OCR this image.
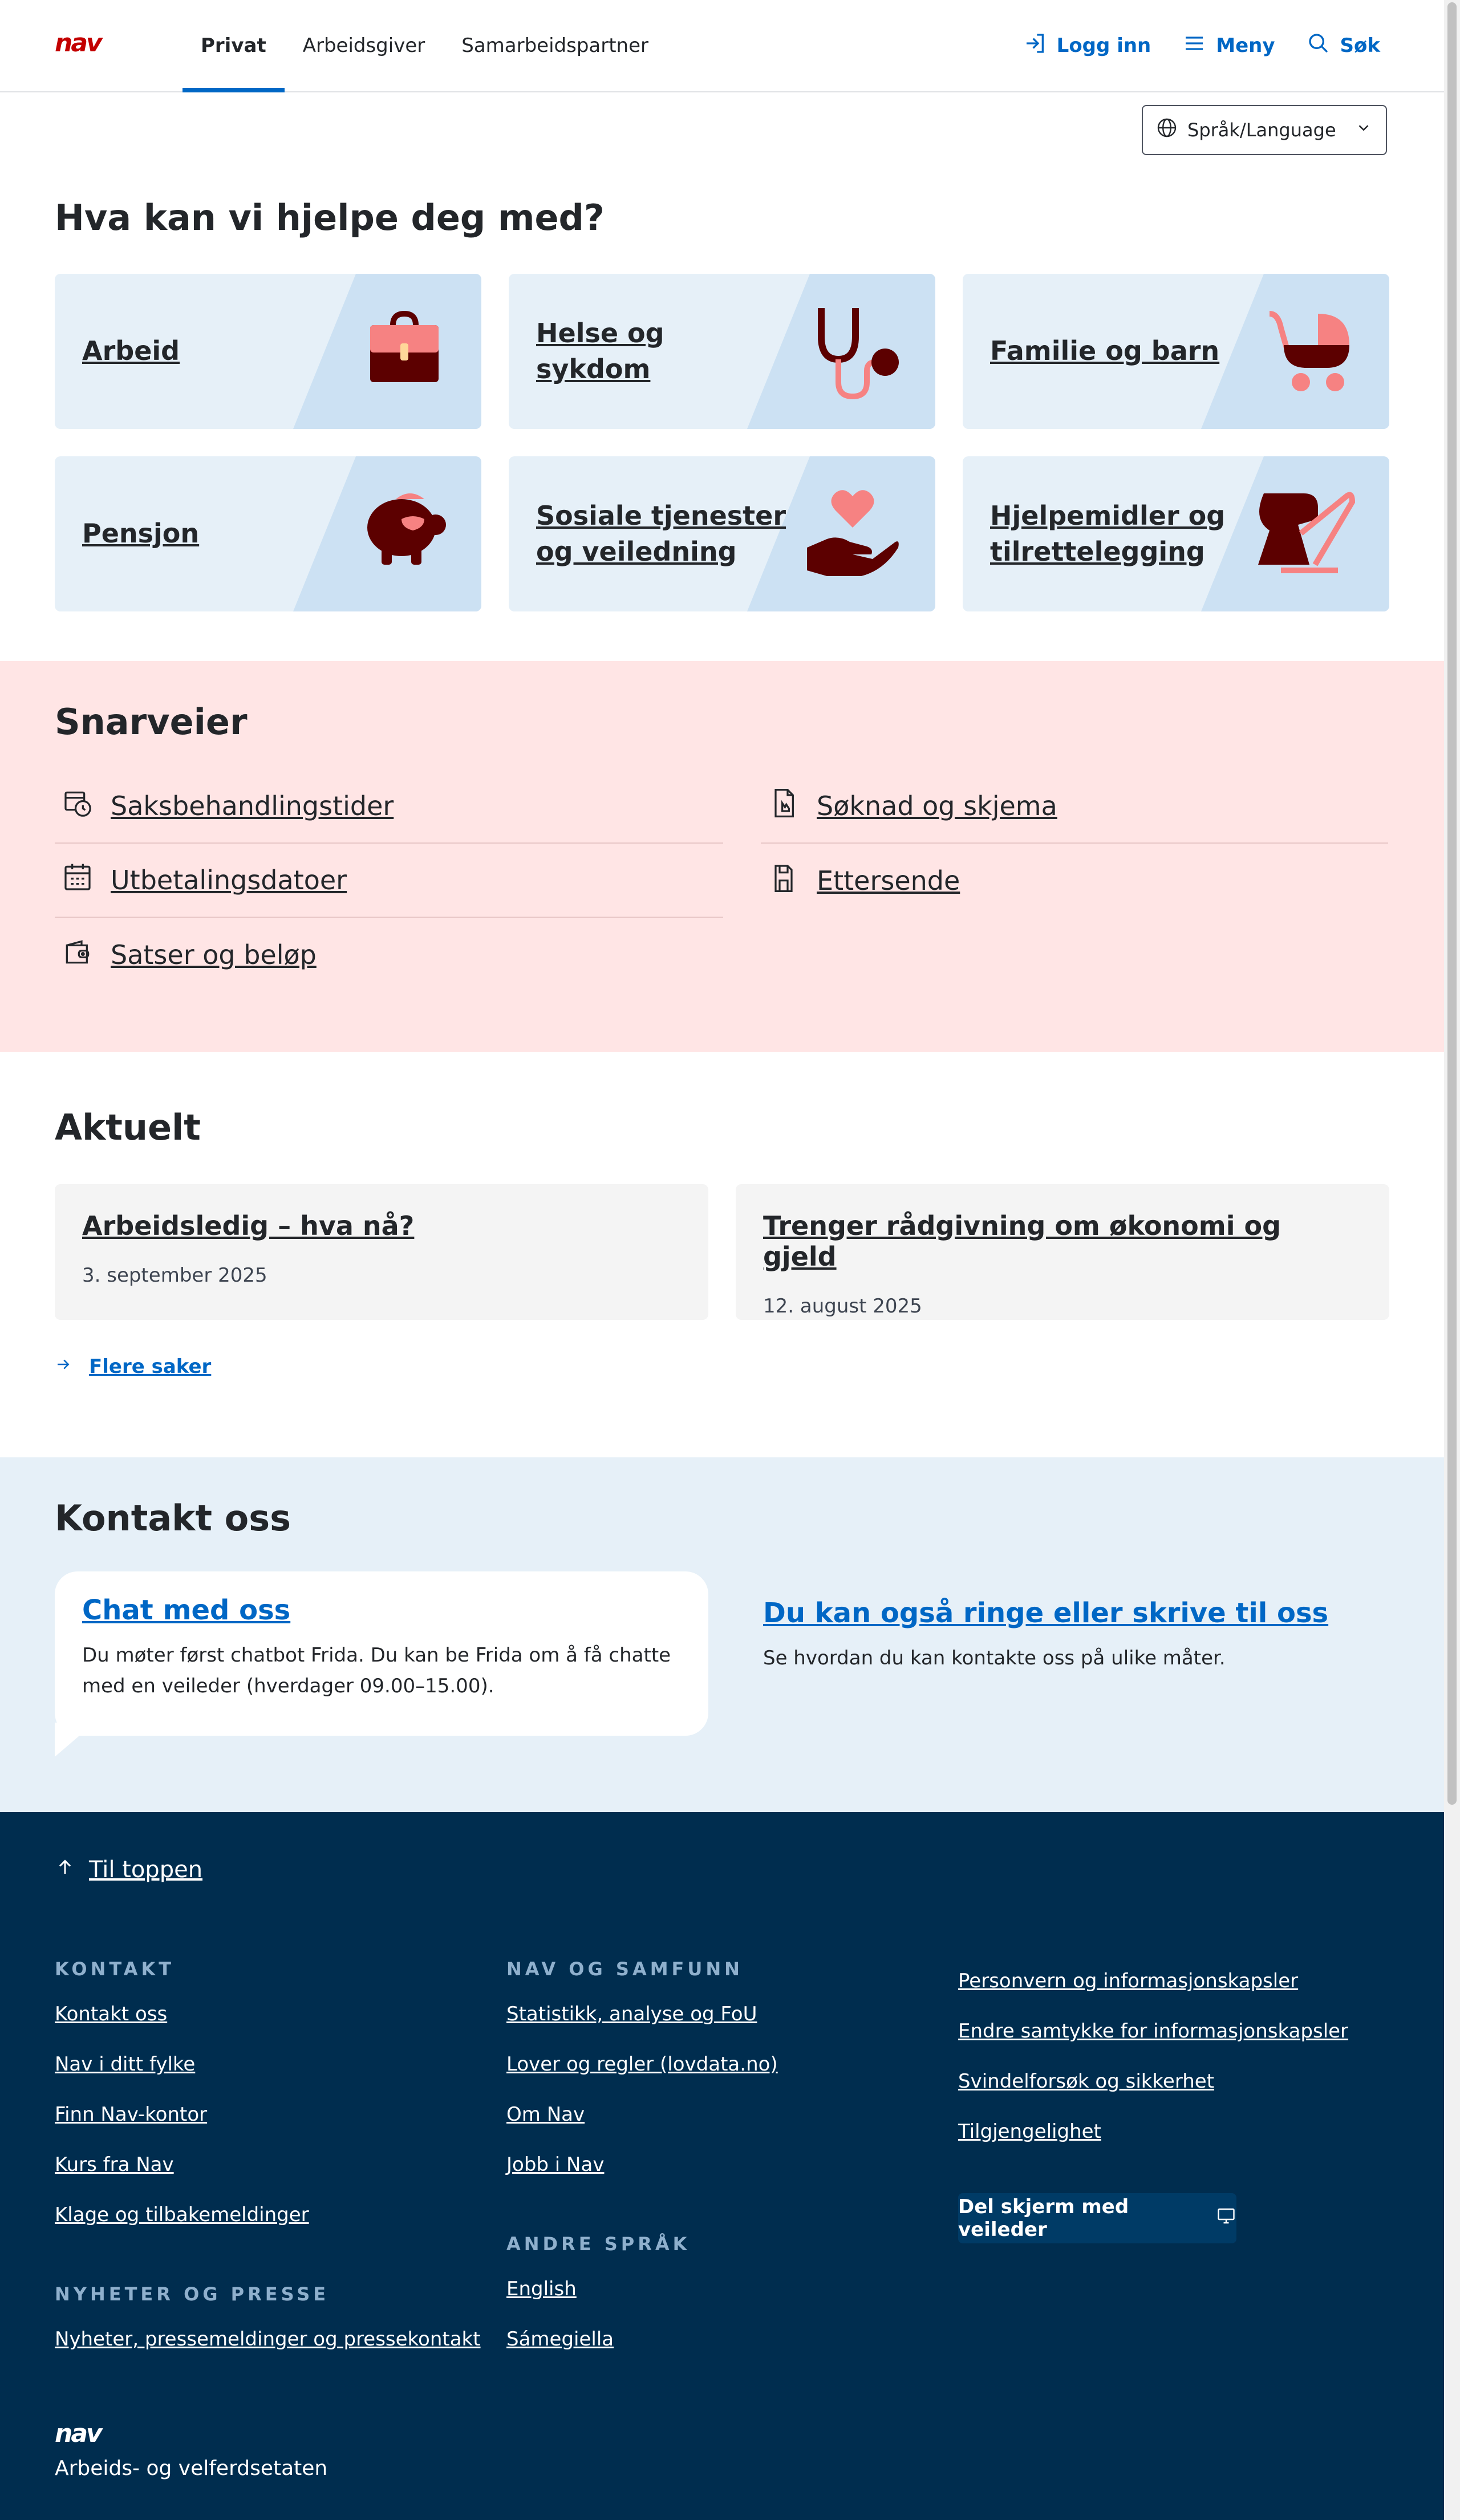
nav	Privat	Arbeidsgiver	Samarbeidspartner	Logg inn	Meny	Søk
Språk/Language
Hva kan vi hjelpe deg med?
Arbeid
Helse og sykdom
Familie og barn
Pensjon
Sosiale tjenester og veiledning
Hjelpemidler og tilrettelegging
Snarveier
Saksbehandlingstider
Utbetalingsdatoer
Satser og beløp
Søknad og skjema
Ettersende
Aktuelt
Arbeidsledig – hva nå?
3. september 2025
Trenger rådgivning om økonomi og gjeld
12. august 2025
Flere saker
Kontakt oss
Chat med oss
Du møter først chatbot Frida. Du kan be Frida om å få chatte med en veileder (hverdager 09.00–15.00).
Du kan også ringe eller skrive til oss
Se hvordan du kan kontakte oss på ulike måter.
Til toppen
KONTAKT
Kontakt oss
Nav i ditt fylke
Finn Nav-kontor
Kurs fra Nav
Klage og tilbakemeldinger
NYHETER OG PRESSE
Nyheter, pressemeldinger og pressekontakt
NAV OG SAMFUNN
Statistikk, analyse og FoU
Lover og regler (lovdata.no)
Om Nav
Jobb i Nav
ANDRE SPRÅK
English
Sámegiella
Personvern og informasjonskapsler
Endre samtykke for informasjonskapsler
Svindelforsøk og sikkerhet
Tilgjengelighet
Del skjerm med veileder
nav
Arbeids- og velferdsetaten
